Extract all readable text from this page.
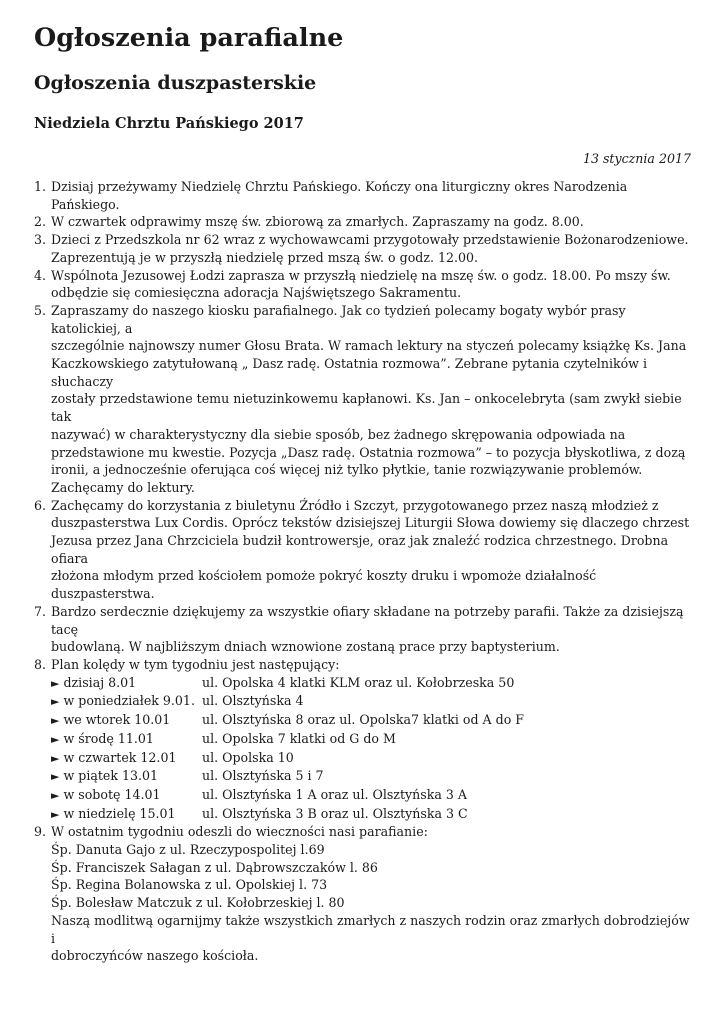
Ogłoszenia parafialne
Ogłoszenia duszpasterskie
Niedziela Chrztu Pańskiego 2017
13 stycznia 2017
1. Dzisiaj przeżywamy Niedzielę Chrztu Pańskiego. Kończy ona liturgiczny okres Narodzenia Pańskiego.
2. W czwartek odprawimy mszę św. zbiorową za zmarłych. Zapraszamy na godz. 8.00.
3. Dzieci z Przedszkola nr 62 wraz z wychowawcami przygotowały przedstawienie Bożonarodzeniowe.
Zaprezentują je w przyszłą niedzielę przed mszą św. o godz. 12.00.
4. Wspólnota Jezusowej Łodzi zaprasza w przyszłą niedzielę na mszę św. o godz. 18.00. Po mszy św.
odbędzie się comiesięczna adoracja Najświętszego Sakramentu.
5. Zapraszamy do naszego kiosku parafialnego. Jak co tydzień polecamy bogaty wybór prasy katolickiej, a
szczególnie najnowszy numer Głosu Brata. W ramach lektury na styczeń polecamy książkę Ks. Jana
Kaczkowskiego zatytułowaną „ Dasz radę. Ostatnia rozmowa”. Zebrane pytania czytelników i słuchaczy
zostały przedstawione temu nietuzinkowemu kapłanowi. Ks. Jan – onkocelebryta (sam zwykł siebie tak
nazywać) w charakterystyczny dla siebie sposób, bez żadnego skrępowania odpowiada na
przedstawione mu kwestie. Pozycja „Dasz radę. Ostatnia rozmowa” – to pozycja błyskotliwa, z dozą
ironii, a jednocześnie oferująca coś więcej niż tylko płytkie, tanie rozwiązywanie problemów.
Zachęcamy do lektury.
6. Zachęcamy do korzystania z biuletynu Źródło i Szczyt, przygotowanego przez naszą młodzież z
duszpasterstwa Lux Cordis. Oprócz tekstów dzisiejszej Liturgii Słowa dowiemy się dlaczego chrzest
Jezusa przez Jana Chrzciciela budził kontrowersje, oraz jak znaleźć rodzica chrzestnego. Drobna ofiara
złożona młodym przed kościołem pomoże pokryć koszty druku i wpomoże działalność duszpasterstwa.
7. Bardzo serdecznie dziękujemy za wszystkie ofiary składane na potrzeby parafii. Także za dzisiejszą tacę
budowlaną. W najbliższym dniach wznowione zostaną prace przy baptysterium.
8. Plan kolędy w tym tygodniu jest następujący:

► dzisiaj 8.01	ul. Opolska 4 klatki KLM oraz ul. Kołobrzeska 50
► w poniedziałek 9.01. ul. Olsztyńska 4
► we wtorek 10.01	ul. Olsztyńska 8 oraz ul. Opolska7 klatki od A do F
► w środę 11.01	ul. Opolska 7 klatki od G do M
► w czwartek 12.01	ul. Opolska 10
► w piątek 13.01	ul. Olsztyńska 5 i 7
► w sobotę 14.01	ul. Olsztyńska 1 A oraz ul. Olsztyńska 3 A
► w niedzielę 15.01	ul. Olsztyńska 3 B oraz ul. Olsztyńska 3 C
9. W ostatnim tygodniu odeszli do wieczności nasi parafianie:

Śp. Danuta Gajo z ul. Rzeczypospolitej l.69
Śp. Franciszek Sałagan z ul. Dąbrowszczaków l. 86
Śp. Regina Bolanowska z ul. Opolskiej l. 73
Śp. Bolesław Matczuk z ul. Kołobrzeskiej l. 80
Naszą modlitwą ogarnijmy także wszystkich zmarłych z naszych rodzin oraz zmarłych dobrodziejów i
dobroczyńców naszego kościoła.
